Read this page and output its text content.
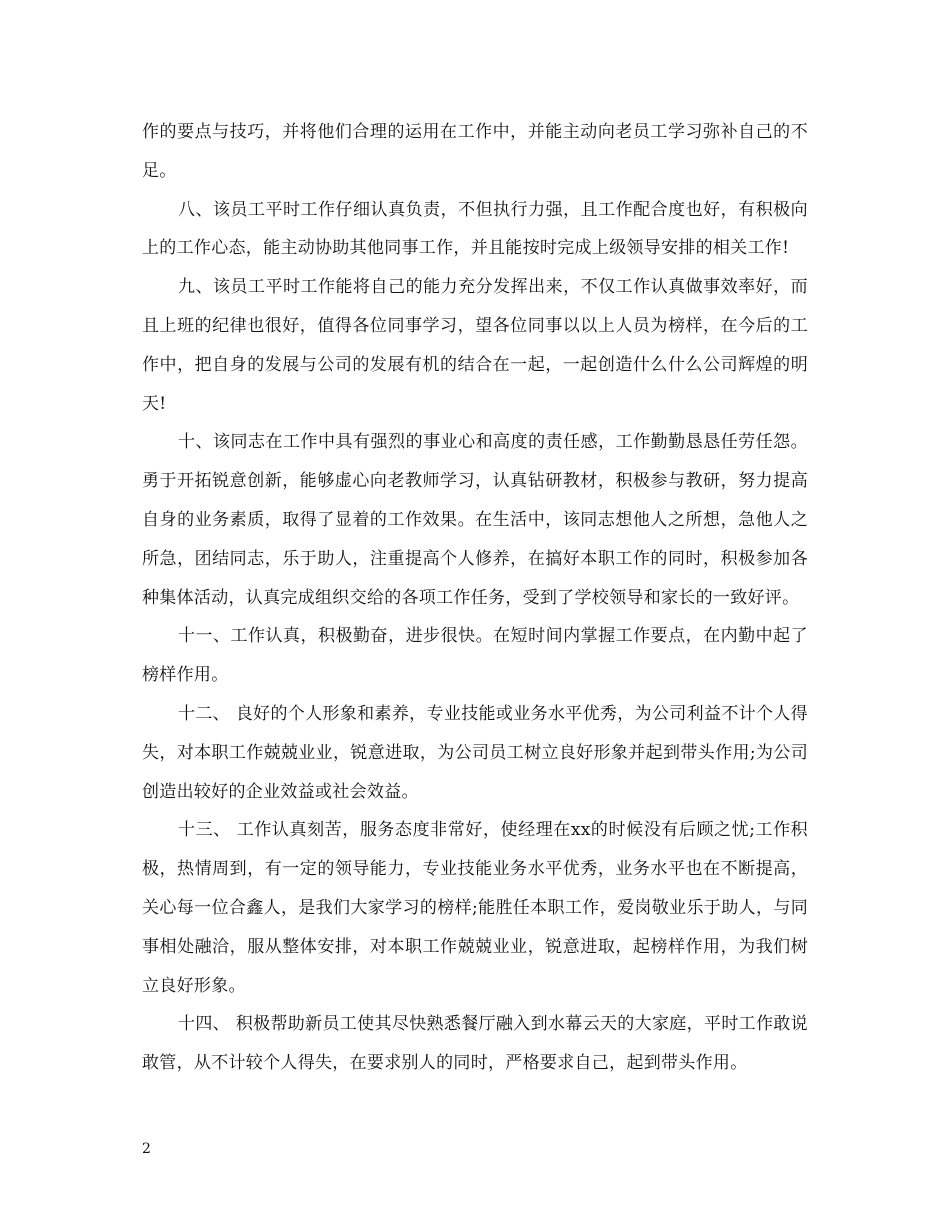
作的要点与技巧，并将他们合理的运用在工作中，并能主动向老员工学习弥补自己的不足。

八、该员工平时工作仔细认真负责，不但执行力强，且工作配合度也好，有积极向上的工作心态，能主动协助其他同事工作，并且能按时完成上级领导安排的相关工作!

九、该员工平时工作能将自己的能力充分发挥出来，不仅工作认真做事效率好，而且上班的纪律也很好，值得各位同事学习，望各位同事以以上人员为榜样，在今后的工作中，把自身的发展与公司的发展有机的结合在一起，一起创造什么什么公司辉煌的明天!

十、该同志在工作中具有强烈的事业心和高度的责任感，工作勤勤恳恳任劳任怨。勇于开拓锐意创新，能够虚心向老教师学习，认真钻研教材，积极参与教研，努力提高自身的业务素质，取得了显着的工作效果。在生活中，该同志想他人之所想，急他人之所急，团结同志，乐于助人，注重提高个人修养，在搞好本职工作的同时，积极参加各种集体活动，认真完成组织交给的各项工作任务，受到了学校领导和家长的一致好评。

十一、工作认真，积极勤奋，进步很快。在短时间内掌握工作要点，在内勤中起了榜样作用。

十二、 良好的个人形象和素养，专业技能或业务水平优秀，为公司利益不计个人得失，对本职工作兢兢业业，锐意进取，为公司员工树立良好形象并起到带头作用;为公司创造出较好的企业效益或社会效益。

十三、 工作认真刻苦，服务态度非常好，使经理在xx的时候没有后顾之忧;工作积极，热情周到，有一定的领导能力，专业技能业务水平优秀，业务水平也在不断提高，关心每一位合鑫人，是我们大家学习的榜样;能胜任本职工作，爱岗敬业乐于助人，与同事相处融洽，服从整体安排，对本职工作兢兢业业，锐意进取，起榜样作用，为我们树立良好形象。

十四、 积极帮助新员工使其尽快熟悉餐厅融入到水幕云天的大家庭，平时工作敢说敢管，从不计较个人得失，在要求别人的同时，严格要求自己，起到带头作用。

2
